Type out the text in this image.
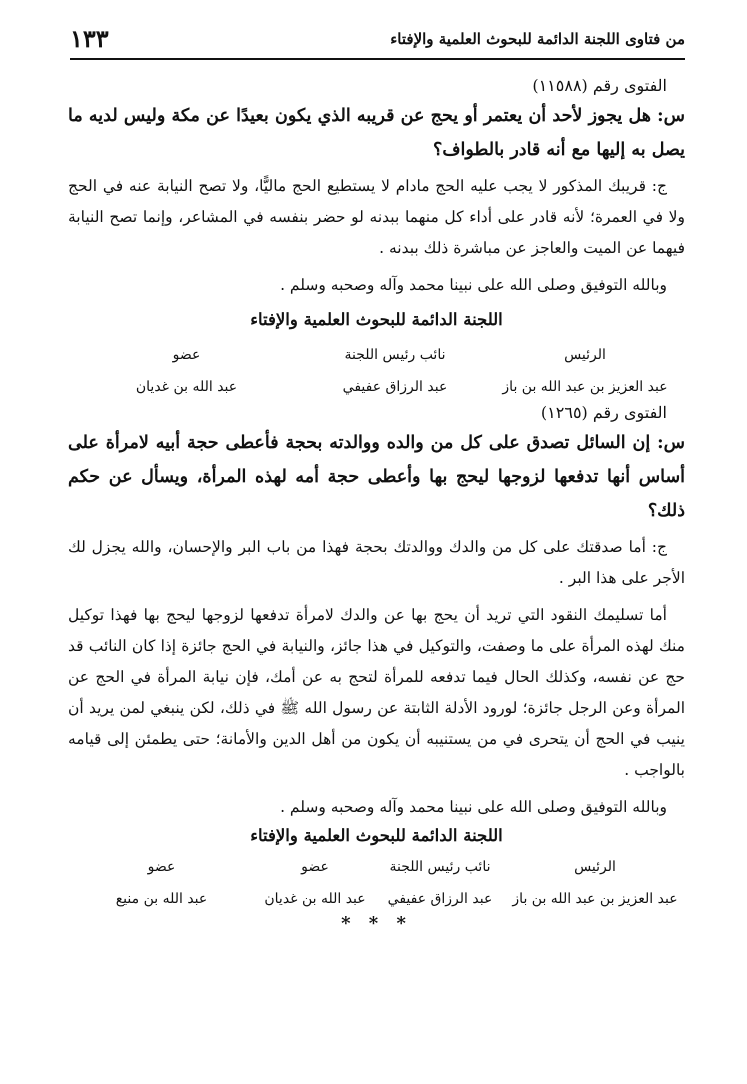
من فتاوى اللجنة الدائمة للبحوث العلمية والإفتاء
١٣٣
الفتوى رقم (١١٥٨٨)

س: هل يجوز لأحد أن يعتمر أو يحج عن قريبه الذي يكون بعيدًا عن مكة وليس لديه ما يصل به إليها مع أنه قادر بالطواف؟

ج: قريبك المذكور لا يجب عليه الحج مادام لا يستطيع الحج ماليًّا، ولا تصح النيابة عنه في الحج ولا في العمرة؛ لأنه قادر على أداء كل منهما ببدنه لو حضر بنفسه في المشاعر، وإنما تصح النيابة فيهما عن الميت والعاجز عن مباشرة ذلك ببدنه .

وبالله التوفيق وصلى الله على نبينا محمد وآله وصحبه وسلم .
اللجنة الدائمة للبحوث العلمية والإفتاء
عضو	نائب رئيس اللجنة	الرئيس
عبد الله بن غديان	عبد الرزاق عفيفي	عبد العزيز بن عبد الله بن باز
الفتوى رقم (١٢٦٥)

س: إن السائل تصدق على كل من والده ووالدته بحجة فأعطى حجة أبيه لامرأة على أساس أنها تدفعها لزوجها ليحج بها وأعطى حجة أمه لهذه المرأة، ويسأل عن حكم ذلك؟

ج: أما صدقتك على كل من والدك ووالدتك بحجة فهذا من باب البر والإحسان، والله يجزل لك الأجر على هذا البر .

أما تسليمك النقود التي تريد أن يحج بها عن والدك لامرأة تدفعها لزوجها ليحج بها فهذا توكيل منك لهذه المرأة على ما وصفت، والتوكيل في هذا جائز، والنيابة في الحج جائزة إذا كان النائب قد حج عن نفسه، وكذلك الحال فيما تدفعه للمرأة لتحج به عن أمك، فإن نيابة المرأة في الحج عن المرأة وعن الرجل جائزة؛ لورود الأدلة الثابتة عن رسول الله ﷺ في ذلك، لكن ينبغي لمن يريد أن ينيب في الحج أن يتحرى في من يستنيبه أن يكون من أهل الدين والأمانة؛ حتى يطمئن إلى قيامه بالواجب .

وبالله التوفيق وصلى الله على نبينا محمد وآله وصحبه وسلم .
اللجنة الدائمة للبحوث العلمية والإفتاء
عضو	عضو	نائب رئيس اللجنة	الرئيس
عبد الله بن منيع	عبد الله بن غديان	عبد الرزاق عفيفي	عبد العزيز بن عبد الله بن باز
* * *
